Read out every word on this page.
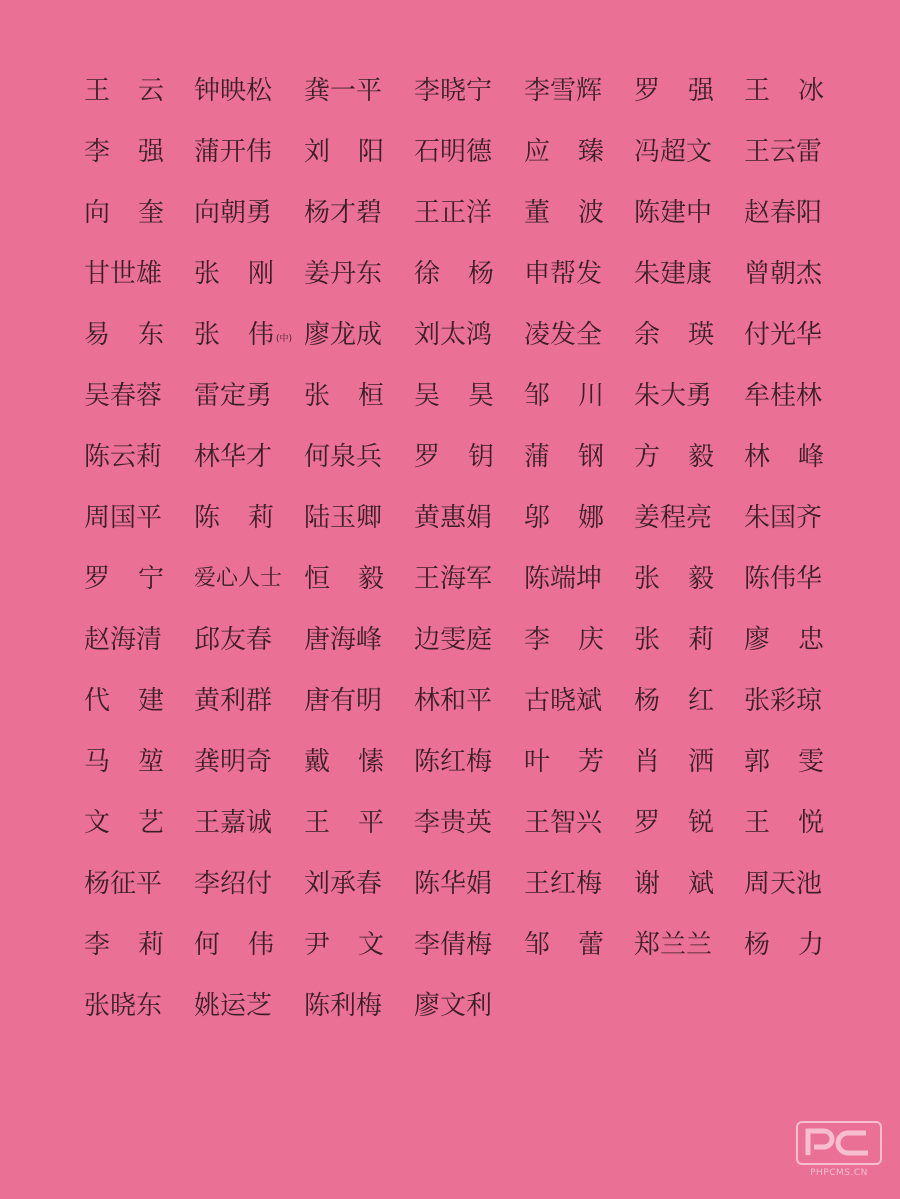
王 云 钟映松 龚一平 李晓宁 李雪辉 罗 强 王 冰
李 强 蒲开伟 刘 阳 石明德 应 臻 冯超文 王云雷
向 奎 向朝勇 杨才碧 王正洋 董 波 陈建中 赵春阳
甘世雄 张 刚 姜丹东 徐 杨 申帮发 朱建康 曾朝杰
易 东 张 伟 (中) 廖龙成 刘太鸿 凌发全 余 瑛 付光华
吴春蓉 雷定勇 张 桓 吴 昊 邹 川 朱大勇 牟桂林
陈云莉 林华才 何泉兵 罗 钥 蒲 钢 方 毅 林 峰
周国平 陈 莉 陆玉卿 黄惠娟 邬 娜 姜程亮 朱国齐
罗 宁 爱心人士 恒 毅 王海军 陈端坤 张 毅 陈伟华
赵海清 邱友春 唐海峰 边雯庭 李 庆 张 莉 廖 忠
代 建 黄利群 唐有明 林和平 古晓斌 杨 红 张彩琼
马 堃 龚明奇 戴 愫 陈红梅 叶 芳 肖 洒 郭 雯
文 艺 王嘉诚 王 平 李贵英 王智兴 罗 锐 王 悦
杨征平 李绍付 刘承春 陈华娟 王红梅 谢 斌 周天池
李 莉 何 伟 尹 文 李倩梅 邹 蕾 郑兰兰 杨 力
张晓东 姚运芝 陈利梅 廖文利
PHPCMS.CN
